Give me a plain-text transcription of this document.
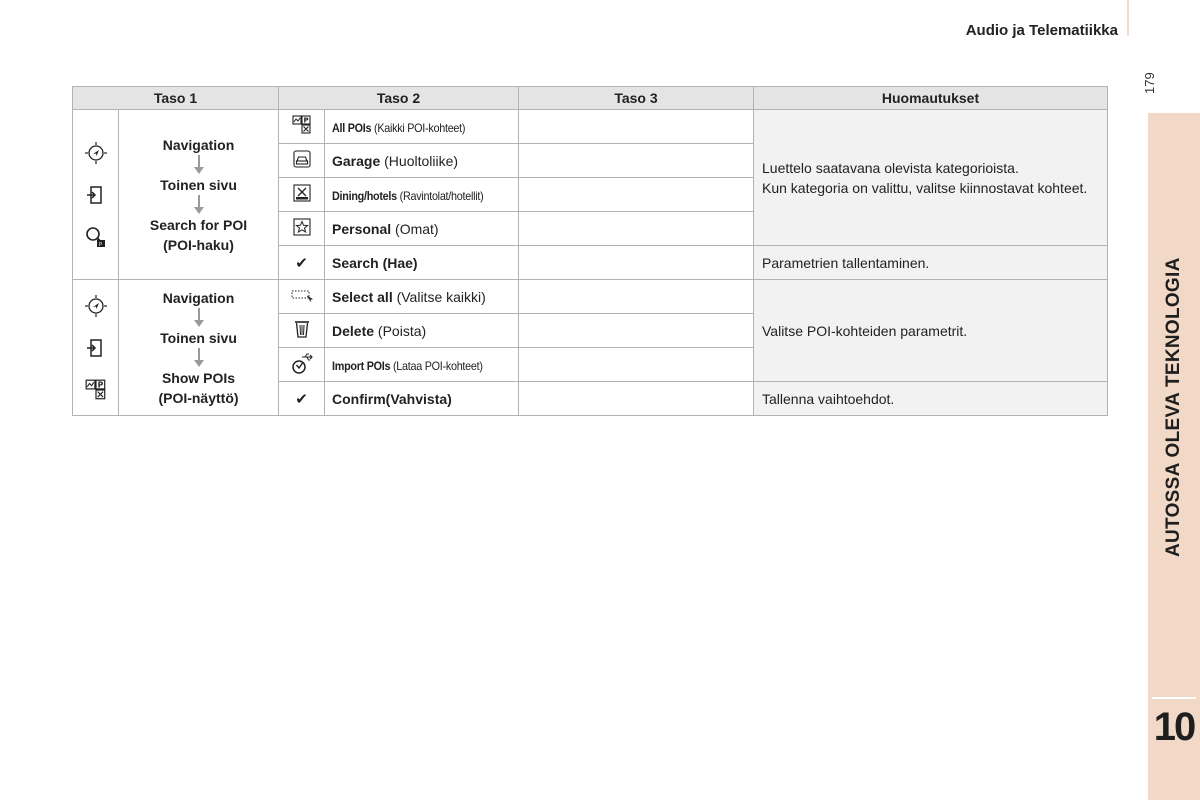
Audio ja Telematiikka
179
AUTOSSA OLEVA TEKNOLOGIA
10
Taso 1		Taso 2		Taso 3	Huomautukset

P	Navigation
Toinen sivu
Search for POI
(POI-haku)	P	All POIs (Kaikki POI-kohteet)		Luettelo saatavana olevista kategorioista.
Kun kategoria on valittu, valitse kiinnostavat kohteet.
	Garage (Huoltoliike)		
	Dining/hotels (Ravintolat/hotellit)		
	Personal (Omat)		
		✔	Search (Hae)		Parametrien tallentaminen.

P	Navigation
Toinen sivu
Show POIs
(POI-näyttö)		Select all (Valitse kaikki)		Valitse POI-kohteiden parametrit.
	Delete (Poista)		
	Import POIs (Lataa POI-kohteet)		
		✔	Confirm(Vahvista)		Tallenna vaihtoehdot.
